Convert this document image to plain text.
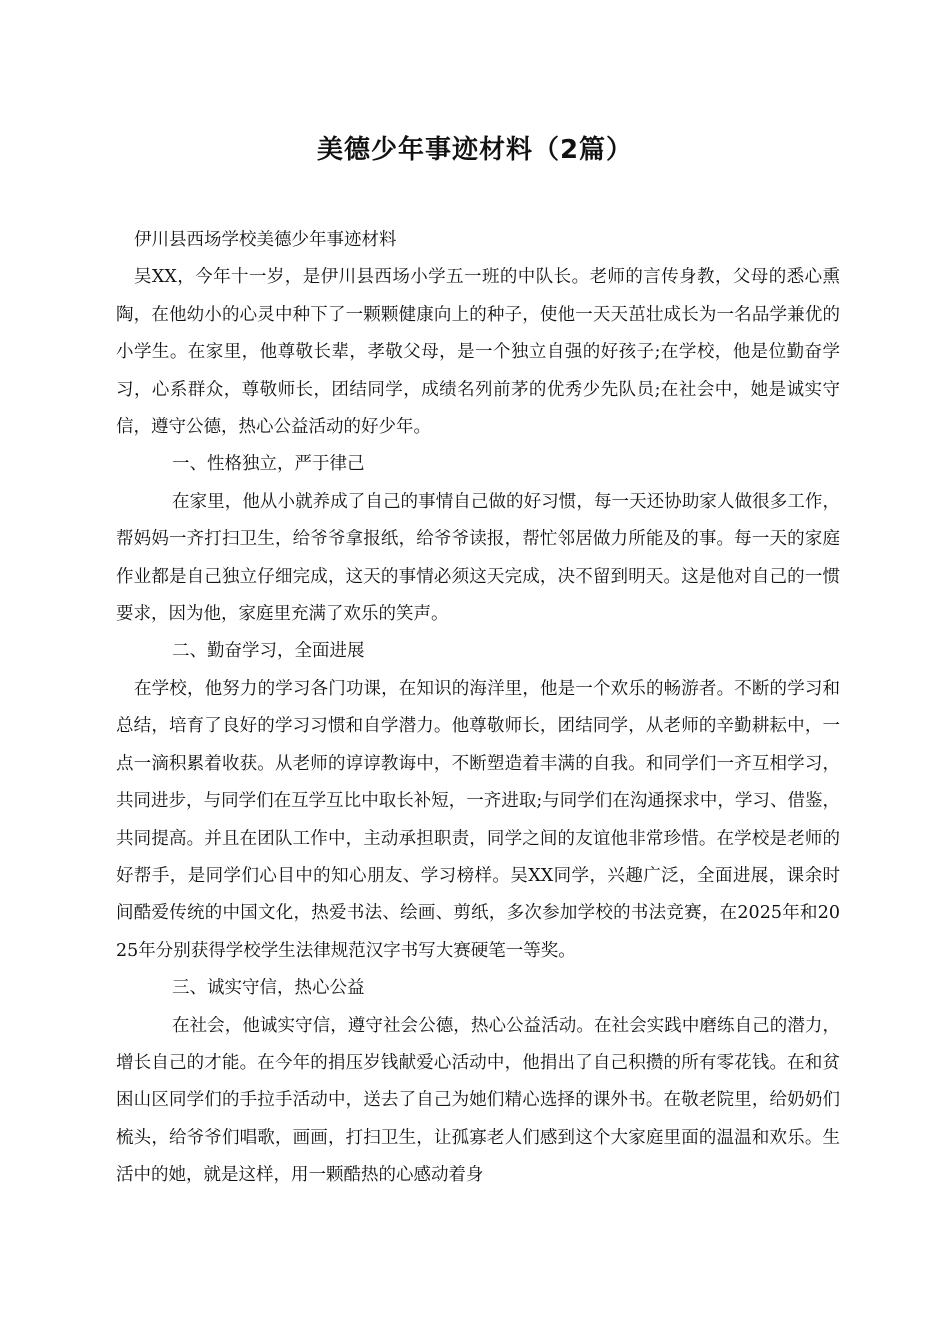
美德少年事迹材料（2篇）

伊川县西场学校美德少年事迹材料

吴XX，今年十一岁，是伊川县西场小学五一班的中队长。老师的言传身教，父母的悉心熏陶，在他幼小的心灵中种下了一颗颗健康向上的种子，使他一天天茁壮成长为一名品学兼优的小学生。在家里，他尊敬长辈，孝敬父母，是一个独立自强的好孩子;在学校，他是位勤奋学习，心系群众，尊敬师长，团结同学，成绩名列前茅的优秀少先队员;在社会中，她是诚实守信，遵守公德，热心公益活动的好少年。

一、性格独立，严于律己

在家里，他从小就养成了自己的事情自己做的好习惯，每一天还协助家人做很多工作，帮妈妈一齐打扫卫生，给爷爷拿报纸，给爷爷读报，帮忙邻居做力所能及的事。每一天的家庭作业都是自己独立仔细完成，这天的事情必须这天完成，决不留到明天。这是他对自己的一惯要求，因为他，家庭里充满了欢乐的笑声。

二、勤奋学习，全面进展

在学校，他努力的学习各门功课，在知识的海洋里，他是一个欢乐的畅游者。不断的学习和总结，培育了良好的学习习惯和自学潜力。他尊敬师长，团结同学，从老师的辛勤耕耘中，一点一滴积累着收获。从老师的谆谆教诲中，不断塑造着丰满的自我。和同学们一齐互相学习，共同进步，与同学们在互学互比中取长补短，一齐进取;与同学们在沟通探求中，学习、借鉴，共同提高。并且在团队工作中，主动承担职责，同学之间的友谊他非常珍惜。在学校是老师的好帮手，是同学们心目中的知心朋友、学习榜样。吴XX同学，兴趣广泛，全面进展，课余时间酷爱传统的中国文化，热爱书法、绘画、剪纸，多次参加学校的书法竞赛，在2025年和2025年分别获得学校学生法律规范汉字书写大赛硬笔一等奖。

三、诚实守信，热心公益

在社会，他诚实守信，遵守社会公德，热心公益活动。在社会实践中磨练自己的潜力，增长自己的才能。在今年的捐压岁钱献爱心活动中，他捐出了自己积攒的所有零花钱。在和贫困山区同学们的手拉手活动中，送去了自己为她们精心选择的课外书。在敬老院里，给奶奶们梳头，给爷爷们唱歌，画画，打扫卫生，让孤寡老人们感到这个大家庭里面的温温和欢乐。生活中的她，就是这样，用一颗酷热的心感动着身
